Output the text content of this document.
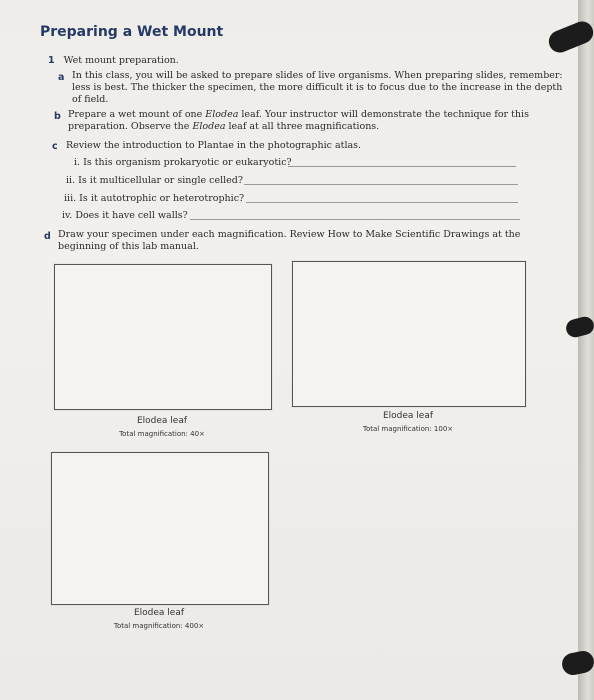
Preparing a Wet Mount
1 Wet mount preparation.
a In this class, you will be asked to prepare slides of live organisms. When preparing slides, remember:
less is best. The thicker the specimen, the more difficult it is to focus due to the increase in the depth
of field.
b Prepare a wet mount of one Elodea leaf. Your instructor will demonstrate the technique for this
preparation. Observe the Elodea leaf at all three magnifications.
c Review the introduction to Plantae in the photographic atlas.
i. Is this organism prokaryotic or eukaryotic?
ii. Is it multicellular or single celled?
iii. Is it autotrophic or heterotrophic?
iv. Does it have cell walls?
d Draw your specimen under each magnification. Review How to Make Scientific Drawings at the
beginning of this lab manual.
Elodea leaf
Total magnification: 40×
Elodea leaf
Total magnification: 100×
Elodea leaf
Total magnification: 400×
